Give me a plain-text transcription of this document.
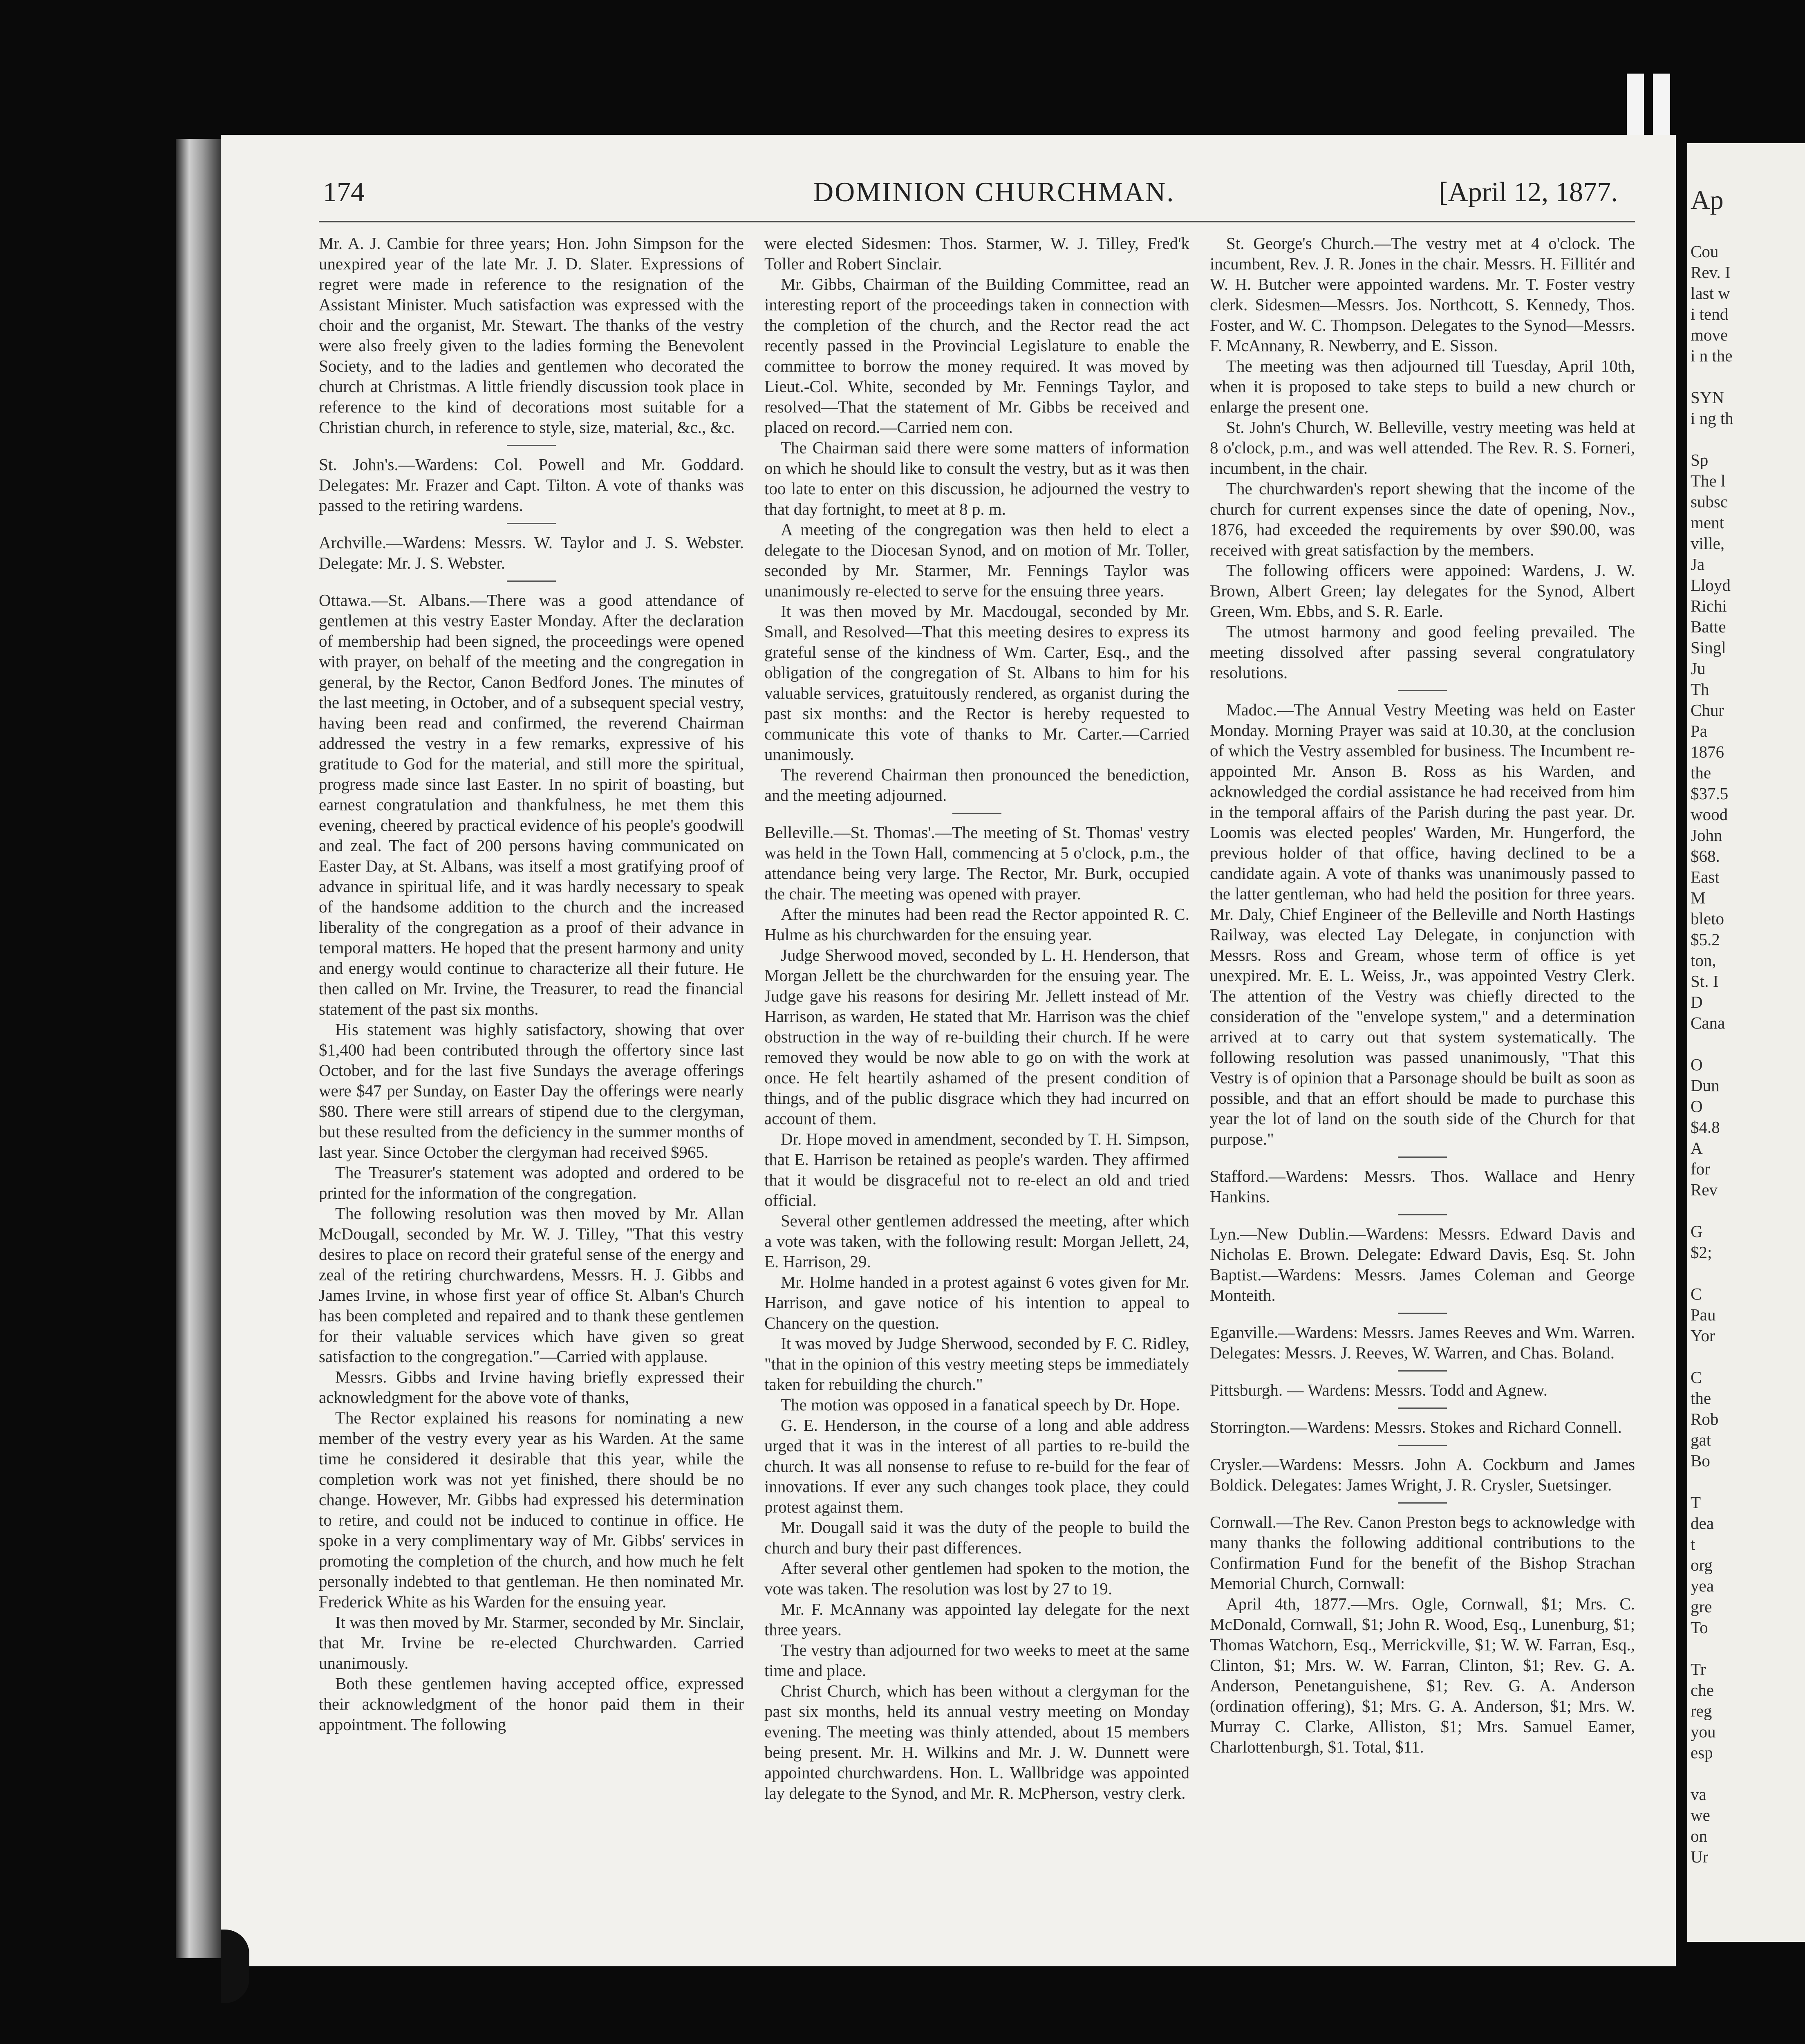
174	DOMINION CHURCHMAN.	[April 12, 1877.

Mr. A. J. Cambie for three years; Hon. John Simpson for the unexpired year of the late Mr. J. D. Slater. Expressions of regret were made in reference to the resignation of the Assistant Minister. Much satisfaction was expressed with the choir and the organist, Mr. Stewart. The thanks of the vestry were also freely given to the ladies forming the Benevolent Society, and to the ladies and gentlemen who decorated the church at Christmas. A little friendly discussion took place in reference to the kind of decorations most suitable for a Christian church, in reference to style, size, material, &c., &c.

St. John's.—Wardens: Col. Powell and Mr. Goddard. Delegates: Mr. Frazer and Capt. Tilton. A vote of thanks was passed to the retiring wardens.

Archville.—Wardens: Messrs. W. Taylor and J. S. Webster. Delegate: Mr. J. S. Webster.

Ottawa.—St. Albans.—There was a good attendance of gentlemen at this vestry Easter Monday. After the declaration of membership had been signed, the proceedings were opened with prayer, on behalf of the meeting and the congregation in general, by the Rector, Canon Bedford Jones. The minutes of the last meeting, in October, and of a subsequent special vestry, having been read and confirmed, the reverend Chairman addressed the vestry in a few remarks, expressive of his gratitude to God for the material, and still more the spiritual, progress made since last Easter. In no spirit of boasting, but earnest congratulation and thankfulness, he met them this evening, cheered by practical evidence of his people's goodwill and zeal. The fact of 200 persons having communicated on Easter Day, at St. Albans, was itself a most gratifying proof of advance in spiritual life, and it was hardly necessary to speak of the handsome addition to the church and the increased liberality of the congregation as a proof of their advance in temporal matters. He hoped that the present harmony and unity and energy would continue to characterize all their future. He then called on Mr. Irvine, the Treasurer, to read the financial statement of the past six months.

His statement was highly satisfactory, showing that over $1,400 had been contributed through the offertory since last October, and for the last five Sundays the average offerings were $47 per Sunday, on Easter Day the offerings were nearly $80. There were still arrears of stipend due to the clergyman, but these resulted from the deficiency in the summer months of last year. Since October the clergyman had received $965.

The Treasurer's statement was adopted and ordered to be printed for the information of the congregation.

The following resolution was then moved by Mr. Allan McDougall, seconded by Mr. W. J. Tilley, "That this vestry desires to place on record their grateful sense of the energy and zeal of the retiring churchwardens, Messrs. H. J. Gibbs and James Irvine, in whose first year of office St. Alban's Church has been completed and repaired and to thank these gentlemen for their valuable services which have given so great satisfaction to the congregation."—Carried with applause.

Messrs. Gibbs and Irvine having briefly expressed their acknowledgment for the above vote of thanks,

The Rector explained his reasons for nominating a new member of the vestry every year as his Warden. At the same time he considered it desirable that this year, while the completion work was not yet finished, there should be no change. However, Mr. Gibbs had expressed his determination to retire, and could not be induced to continue in office. He spoke in a very complimentary way of Mr. Gibbs' services in promoting the completion of the church, and how much he felt personally indebted to that gentleman. He then nominated Mr. Frederick White as his Warden for the ensuing year.

It was then moved by Mr. Starmer, seconded by Mr. Sinclair, that Mr. Irvine be re-elected Churchwarden. Carried unanimously.

Both these gentlemen having accepted office, expressed their acknowledgment of the honor paid them in their appointment. The following

were elected Sidesmen: Thos. Starmer, W. J. Tilley, Fred'k Toller and Robert Sinclair.

Mr. Gibbs, Chairman of the Building Committee, read an interesting report of the proceedings taken in connection with the completion of the church, and the Rector read the act recently passed in the Provincial Legislature to enable the committee to borrow the money required. It was moved by Lieut.-Col. White, seconded by Mr. Fennings Taylor, and resolved—That the statement of Mr. Gibbs be received and placed on record.—Carried nem con.

The Chairman said there were some matters of information on which he should like to consult the vestry, but as it was then too late to enter on this discussion, he adjourned the vestry to that day fortnight, to meet at 8 p. m.

A meeting of the congregation was then held to elect a delegate to the Diocesan Synod, and on motion of Mr. Toller, seconded by Mr. Starmer, Mr. Fennings Taylor was unanimously re-elected to serve for the ensuing three years.

It was then moved by Mr. Macdougal, seconded by Mr. Small, and Resolved—That this meeting desires to express its grateful sense of the kindness of Wm. Carter, Esq., and the obligation of the congregation of St. Albans to him for his valuable services, gratuitously rendered, as organist during the past six months: and the Rector is hereby requested to communicate this vote of thanks to Mr. Carter.—Carried unanimously.

The reverend Chairman then pronounced the benediction, and the meeting adjourned.

Belleville.—St. Thomas'.—The meeting of St. Thomas' vestry was held in the Town Hall, commencing at 5 o'clock, p.m., the attendance being very large. The Rector, Mr. Burk, occupied the chair. The meeting was opened with prayer.

After the minutes had been read the Rector appointed R. C. Hulme as his churchwarden for the ensuing year.

Judge Sherwood moved, seconded by L. H. Henderson, that Morgan Jellett be the churchwarden for the ensuing year. The Judge gave his reasons for desiring Mr. Jellett instead of Mr. Harrison, as warden, He stated that Mr. Harrison was the chief obstruction in the way of re-building their church. If he were removed they would be now able to go on with the work at once. He felt heartily ashamed of the present condition of things, and of the public disgrace which they had incurred on account of them.

Dr. Hope moved in amendment, seconded by T. H. Simpson, that E. Harrison be retained as people's warden. They affirmed that it would be disgraceful not to re-elect an old and tried official.

Several other gentlemen addressed the meeting, after which a vote was taken, with the following result: Morgan Jellett, 24, E. Harrison, 29.

Mr. Holme handed in a protest against 6 votes given for Mr. Harrison, and gave notice of his intention to appeal to Chancery on the question.

It was moved by Judge Sherwood, seconded by F. C. Ridley, "that in the opinion of this vestry meeting steps be immediately taken for rebuilding the church."

The motion was opposed in a fanatical speech by Dr. Hope.

G. E. Henderson, in the course of a long and able address urged that it was in the interest of all parties to re-build the church. It was all nonsense to refuse to re-build for the fear of innovations. If ever any such changes took place, they could protest against them.

Mr. Dougall said it was the duty of the people to build the church and bury their past differences.

After several other gentlemen had spoken to the motion, the vote was taken. The resolution was lost by 27 to 19.

Mr. F. McAnnany was appointed lay delegate for the next three years.

The vestry than adjourned for two weeks to meet at the same time and place.

Christ Church, which has been without a clergyman for the past six months, held its annual vestry meeting on Monday evening. The meeting was thinly attended, about 15 members being present. Mr. H. Wilkins and Mr. J. W. Dunnett were appointed churchwardens. Hon. L. Wallbridge was appointed lay delegate to the Synod, and Mr. R. McPherson, vestry clerk.

St. George's Church.—The vestry met at 4 o'clock. The incumbent, Rev. J. R. Jones in the chair. Messrs. H. Fillitér and W. H. Butcher were appointed wardens. Mr. T. Foster vestry clerk. Sidesmen—Messrs. Jos. Northcott, S. Kennedy, Thos. Foster, and W. C. Thompson. Delegates to the Synod—Messrs. F. McAnnany, R. Newberry, and E. Sisson.

The meeting was then adjourned till Tuesday, April 10th, when it is proposed to take steps to build a new church or enlarge the present one.

St. John's Church, W. Belleville, vestry meeting was held at 8 o'clock, p.m., and was well attended. The Rev. R. S. Forneri, incumbent, in the chair.

The churchwarden's report shewing that the income of the church for current expenses since the date of opening, Nov., 1876, had exceeded the requirements by over $90.00, was received with great satisfaction by the members.

The following officers were appoined: Wardens, J. W. Brown, Albert Green; lay delegates for the Synod, Albert Green, Wm. Ebbs, and S. R. Earle.

The utmost harmony and good feeling prevailed. The meeting dissolved after passing several congratulatory resolutions.

Madoc.—The Annual Vestry Meeting was held on Easter Monday. Morning Prayer was said at 10.30, at the conclusion of which the Vestry assembled for business. The Incumbent re-appointed Mr. Anson B. Ross as his Warden, and acknowledged the cordial assistance he had received from him in the temporal affairs of the Parish during the past year. Dr. Loomis was elected peoples' Warden, Mr. Hungerford, the previous holder of that office, having declined to be a candidate again. A vote of thanks was unanimously passed to the latter gentleman, who had held the position for three years. Mr. Daly, Chief Engineer of the Belleville and North Hastings Railway, was elected Lay Delegate, in conjunction with Messrs. Ross and Gream, whose term of office is yet unexpired. Mr. E. L. Weiss, Jr., was appointed Vestry Clerk. The attention of the Vestry was chiefly directed to the consideration of the "envelope system," and a determination arrived at to carry out that system systematically. The following resolution was passed unanimously, "That this Vestry is of opinion that a Parsonage should be built as soon as possible, and that an effort should be made to purchase this year the lot of land on the south side of the Church for that purpose."

Stafford.—Wardens: Messrs. Thos. Wallace and Henry Hankins.

Lyn.—New Dublin.—Wardens: Messrs. Edward Davis and Nicholas E. Brown. Delegate: Edward Davis, Esq. St. John Baptist.—Wardens: Messrs. James Coleman and George Monteith.

Eganville.—Wardens: Messrs. James Reeves and Wm. Warren. Delegates: Messrs. J. Reeves, W. Warren, and Chas. Boland.

Pittsburgh. — Wardens: Messrs. Todd and Agnew.

Storrington.—Wardens: Messrs. Stokes and Richard Connell.

Crysler.—Wardens: Messrs. John A. Cockburn and James Boldick. Delegates: James Wright, J. R. Crysler, Suetsinger.

Cornwall.—The Rev. Canon Preston begs to acknowledge with many thanks the following additional contributions to the Confirmation Fund for the benefit of the Bishop Strachan Memorial Church, Cornwall:

April 4th, 1877.—Mrs. Ogle, Cornwall, $1; Mrs. C. McDonald, Cornwall, $1; John R. Wood, Esq., Lunenburg, $1; Thomas Watchorn, Esq., Merrickville, $1; W. W. Farran, Esq., Clinton, $1; Mrs. W. W. Farran, Clinton, $1; Rev. G. A. Anderson, Penetanguishene, $1; Rev. G. A. Anderson (ordination offering), $1; Mrs. G. A. Anderson, $1; Mrs. W. Murray C. Clarke, Alliston, $1; Mrs. Samuel Eamer, Charlottenburgh, $1. Total, $11.

Ap
Cou
Rev. I
last w
i tend
move
i n the
SYN
i ng th
Sp
The l
subsc
ment
ville,
Ja
Lloyd
Richi
Batte
Singl
Ju
Th
Chur
Pa
1876
the
$37.5
wood
John
$68.
East
M
bleto
$5.2
ton,
St. I
D
Cana
O
Dun
O
$4.8
A
for
Rev
G
$2;
C
Pau
Yor
C
the
Rob
gat
Bo
T
dea
t
org
yea
gre
To
Tr
che
reg
you
esp
va
we
on
Ur
